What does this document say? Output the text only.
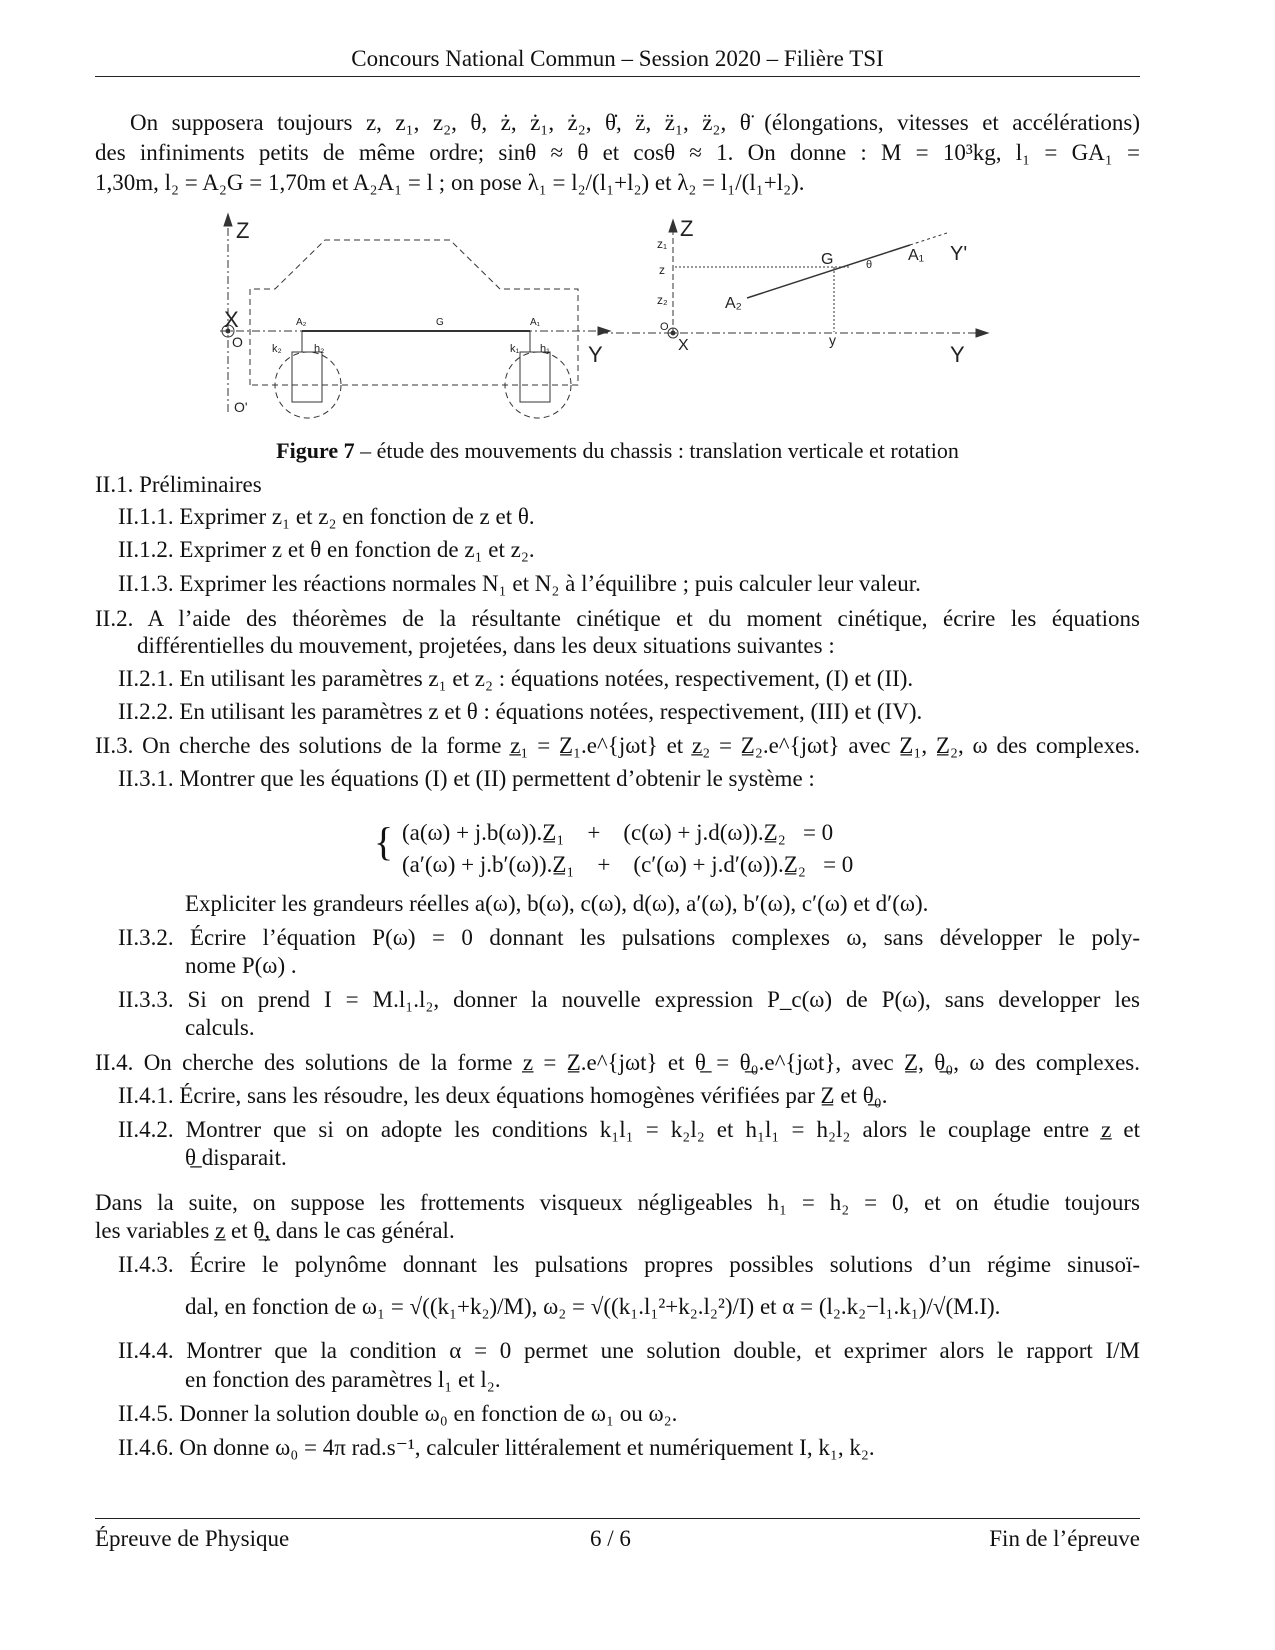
Concours National Commun – Session 2020 – Filière TSI
On supposera toujours z, z₁, z₂, θ, ż, ż₁, ż₂, θ̇, z̈, z̈₁, z̈₂, θ̈ (élongations, vitesses et accélérations)
des infiniments petits de même ordre; sinθ ≈ θ et cosθ ≈ 1. On donne : M = 10³kg, l₁ = GA₁ =
1,30m, l₂ = A₂G = 1,70m et A₂A₁ = l ; on pose λ₁ = l₂/(l₁+l₂) et λ₂ = l₁/(l₁+l₂).
Z
X
O
O'
Y
A₂	G	A₁
k₂	h₂	k₁ h₁
Z
z₁
z
z₂
O
X
G	θ
A₁ Y'
A₂
y
Y
Figure 7 – étude des mouvements du chassis : translation verticale et rotation
II.1. Préliminaires
II.1.1. Exprimer z₁ et z₂ en fonction de z et θ.
II.1.2. Exprimer z et θ en fonction de z₁ et z₂.
II.1.3. Exprimer les réactions normales N₁ et N₂ à l’équilibre ; puis calculer leur valeur.
II.2. A l’aide des théorèmes de la résultante cinétique et du moment cinétique, écrire les équations
différentielles du mouvement, projetées, dans les deux situations suivantes :
II.2.1. En utilisant les paramètres z₁ et z₂ : équations notées, respectivement, (I) et (II).
II.2.2. En utilisant les paramètres z et θ : équations notées, respectivement, (III) et (IV).
II.3. On cherche des solutions de la forme z̲₁ = Z̲₁.e^{jωt} et z̲₂ = Z̲₂.e^{jωt} avec Z̲₁, Z̲₂, ω des complexes.
II.3.1. Montrer que les équations (I) et (II) permettent d’obtenir le système :
{ (a(ω) + j.b(ω)).Z̲₁    +    (c(ω) + j.d(ω)).Z̲₂   = 0
(a′(ω) + j.b′(ω)).Z̲₁    +    (c′(ω) + j.d′(ω)).Z̲₂   = 0
Expliciter les grandeurs réelles a(ω), b(ω), c(ω), d(ω), a′(ω), b′(ω), c′(ω) et d′(ω).
II.3.2. Écrire l’équation P(ω) = 0 donnant les pulsations complexes ω, sans développer le poly-
nome P(ω) .
II.3.3. Si on prend I = M.l₁.l₂, donner la nouvelle expression P_c(ω) de P(ω), sans developper les
calculs.
II.4. On cherche des solutions de la forme z̲ = Z̲.e^{jωt} et θ̲ = θ̲₀.e^{jωt}, avec Z̲, θ̲₀, ω des complexes.
II.4.1. Écrire, sans les résoudre, les deux équations homogènes vérifiées par Z̲ et θ̲₀.
II.4.2. Montrer que si on adopte les conditions k₁l₁ = k₂l₂ et h₁l₁ = h₂l₂ alors le couplage entre z̲ et
θ̲ disparait.
Dans la suite, on suppose les frottements visqueux négligeables h₁ = h₂ = 0, et on étudie toujours
les variables z̲ et θ̲, dans le cas général.
II.4.3. Écrire le polynôme donnant les pulsations propres possibles solutions d’un régime sinusoï-
dal, en fonction de ω₁ = √((k₁+k₂)/M), ω₂ = √((k₁.l₁²+k₂.l₂²)/I) et α = (l₂.k₂−l₁.k₁)/√(M.I).
II.4.4. Montrer que la condition α = 0 permet une solution double, et exprimer alors le rapport I/M
en fonction des paramètres l₁ et l₂.
II.4.5. Donner la solution double ω₀ en fonction de ω₁ ou ω₂.
II.4.6. On donne ω₀ = 4π rad.s⁻¹, calculer littéralement et numériquement I, k₁, k₂.
Épreuve de Physique	6 / 6	Fin de l’épreuve
